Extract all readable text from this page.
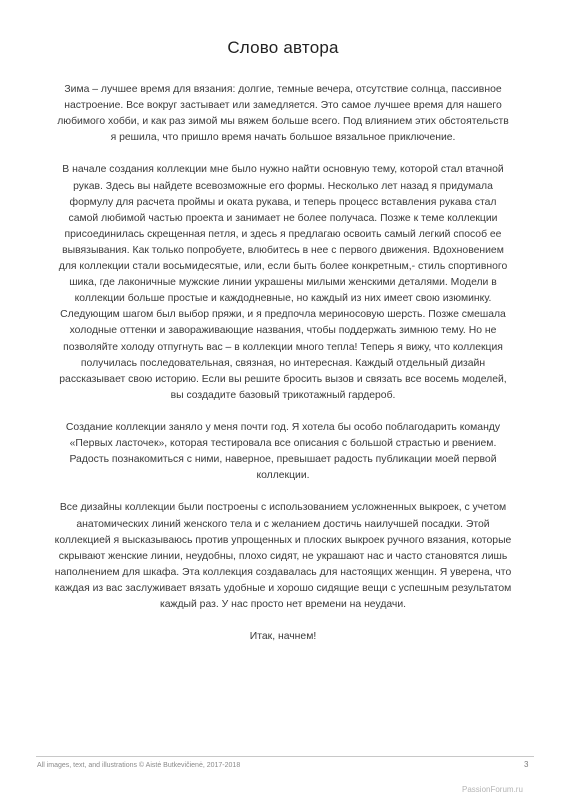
Слово автора

Зима – лучшее время для вязания: долгие, темные вечера, отсутствие солнца, пассивное настроение. Все вокруг застывает или замедляется. Это самое лучшее время для нашего любимого хобби, и как раз зимой мы вяжем больше всего. Под влиянием этих обстоятельств я решила, что пришло время начать большое вязальное приключение.

В начале создания коллекции мне было нужно найти основную тему, которой стал втачной рукав. Здесь вы найдете всевозможные его формы. Несколько лет назад я придумала формулу для расчета проймы и оката рукава, и теперь процесс вставления рукава стал самой любимой частью проекта и занимает не более получаса. Позже к теме коллекции присоединилась скрещенная петля, и здесь я предлагаю освоить самый легкий способ ее вывязывания. Как только попробуете, влюбитесь в нее с первого движения. Вдохновением для коллекции стали восьмидесятые, или, если быть более конкретным,- стиль спортивного шика, где лаконичные мужские линии украшены милыми женскими деталями. Модели в коллекции больше простые и каждодневные, но каждый из них имеет свою изюминку. Следующим шагом был выбор пряжи, и я предпочла мериносовую шерсть. Позже смешала холодные оттенки и завораживающие названия, чтобы поддержать зимнюю тему. Но не позволяйте холоду отпугнуть вас – в коллекции много тепла! Теперь я вижу, что коллекция получилась последовательная, связная, но интересная. Каждый отдельный дизайн рассказывает свою историю. Если вы решите бросить вызов и связать все восемь моделей, вы создадите базовый трикотажный гардероб.

Создание коллекции заняло у меня почти год. Я хотела бы особо поблагодарить команду «Первых ласточек», которая тестировала все описания с большой страстью и рвением. Радость познакомиться с ними, наверное, превышает радость публикации моей первой коллекции.

Все дизайны коллекции были построены с использованием усложненных выкроек, с учетом анатомических линий женского тела и с желанием достичь наилучшей посадки. Этой коллекцией я высказываюсь против упрощенных и плоских выкроек ручного вязания, которые скрывают женские линии, неудобны, плохо сидят, не украшают нас и часто становятся лишь наполнением для шкафа. Эта коллекция создавалась для настоящих женщин. Я уверена, что каждая из вас заслуживает вязать удобные и хорошо сидящие вещи с успешным результатом каждый раз. У нас просто нет времени на неудачи.

Итак, начнем!

All images, text, and illustrations © Aistė Butkevičienė, 2017-2018	3
PassionForum.ru
